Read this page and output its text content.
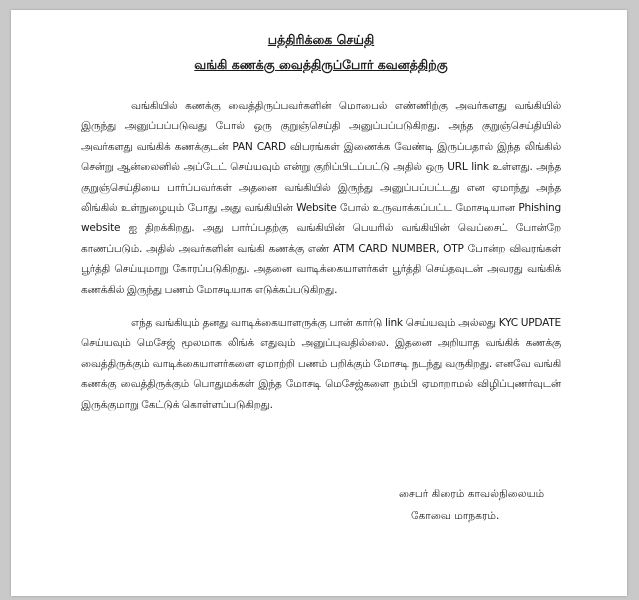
பத்திரிக்கை செய்தி
வங்கி கணக்கு வைத்திருப்போர் கவனத்திற்கு

வங்கியில் கணக்கு வைத்திருப்பவர்களின் மொபைல் எண்ணிற்கு அவர்களது வங்கியில் இருந்து அனுப்பப்படுவது போல் ஒரு குறுஞ்செய்தி அனுப்பப்படுகிறது. அந்த குறுஞ்செய்தியில் அவர்களது வங்கிக் கணக்குடன் PAN CARD விபரங்கள் இணைக்க வேண்டி இருப்பதால் இந்த லிங்கில் சென்று ஆன்லைனில் அப்டேட் செய்யவும் என்று குறிப்பிடப்பட்டு அதில் ஒரு URL link உள்ளது. அந்த குறுஞ்செய்தியை பார்ப்பவர்கள் அதனை வங்கியில் இருந்து அனுப்பப்பட்டது என ஏமாந்து அந்த லிங்கில் உள்நுழையும் போது அது வங்கியின் Website போல் உருவாக்கப்பட்ட மோசடியான Phishing website ஐ திறக்கிறது. அது பார்ப்பதற்கு வங்கியின் பெயரில் வங்கியின் வெப்சைட் போன்றே காணப்படும். அதில் அவர்களின் வங்கி கணக்கு எண் ATM CARD NUMBER, OTP போன்ற விவரங்கள் பூர்த்தி செய்யுமாறு கோரப்படுகிறது. அதனை வாடிக்கையாளர்கள் பூர்த்தி செய்தவுடன் அவரது வங்கிக் கணக்கில் இருந்து பணம் மோசடியாக எடுக்கப்படுகிறது.

எந்த வங்கியும் தனது வாடிக்கையாளருக்கு பான் கார்டு link செய்யவும் அல்லது KYC UPDATE செய்யவும் மெசேஜ் மூலமாக லிங்க் எதுவும் அனுப்புவதில்லை. இதனை அறியாத வங்கிக் கணக்கு வைத்திருக்கும் வாடிக்கையாளர்களை ஏமாற்றி பணம் பறிக்கும் மோசடி நடந்து வருகிறது. எனவே வங்கி கணக்கு வைத்திருக்கும் பொதுமக்கள் இந்த மோசடி மெசேஜ்களை நம்பி ஏமாறாமல் விழிப்புணர்வுடன் இருக்குமாறு கேட்டுக் கொள்ளப்படுகிறது.

சைபர் கிரைம் காவல்நிலையம்
கோவை மாநகரம்.
